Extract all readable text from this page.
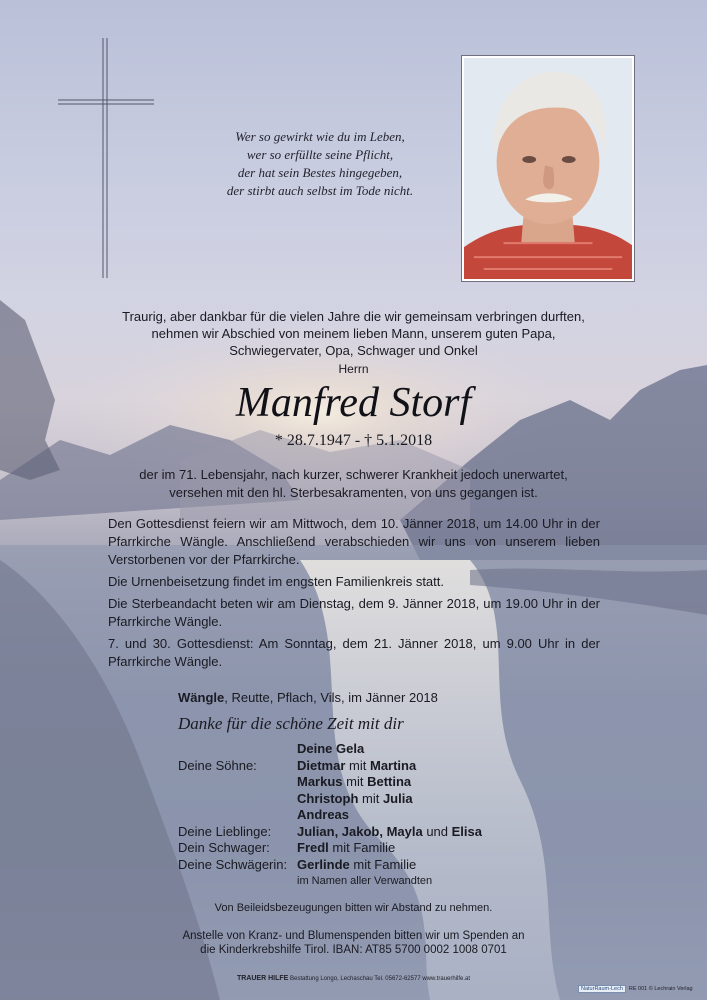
Wer so gewirkt wie du im Leben,
wer so erfüllte seine Pflicht,
der hat sein Bestes hingegeben,
der stirbt auch selbst im Tode nicht.
Traurig, aber dankbar für die vielen Jahre die wir gemeinsam verbringen durften,
nehmen wir Abschied von meinem lieben Mann, unserem guten Papa,
Schwiegervater, Opa, Schwager und Onkel
Herrn
Manfred Storf
* 28.7.1947 - † 5.1.2018
der im 71. Lebensjahr, nach kurzer, schwerer Krankheit jedoch unerwartet,
versehen mit den hl. Sterbesakramenten, von uns gegangen ist.

Den Gottesdienst feiern wir am Mittwoch, dem 10. Jänner 2018, um 14.00 Uhr in der Pfarrkirche Wängle. Anschließend verabschieden wir uns von unserem lieben Verstorbenen vor der Pfarrkirche.

Die Urnenbeisetzung findet im engsten Familienkreis statt.

Die Sterbeandacht beten wir am Dienstag, dem 9. Jänner 2018, um 19.00 Uhr in der Pfarrkirche Wängle.

7. und 30. Gottesdienst: Am Sonntag, dem 21. Jänner 2018, um 9.00 Uhr in der Pfarrkirche Wängle.

Wängle, Reutte, Pflach, Vils, im Jänner 2018
Danke für die schöne Zeit mit dir
Deine Gela
Deine Söhne:	Dietmar mit Martina
Markus mit Bettina
Christoph mit Julia
Andreas
Deine Lieblinge:	Julian, Jakob, Mayla und Elisa
Dein Schwager:	Fredl mit Familie
Deine Schwägerin: Gerlinde mit Familie
im Namen aller Verwandten
Von Beileidsbezeugungen bitten wir Abstand zu nehmen.
Anstelle von Kranz- und Blumenspenden bitten wir um Spenden an
die Kinderkrebshilfe Tirol. IBAN: AT85 5700 0002 1008 0701
TRAUER HILFE Bestattung Longo, Lechaschau Tel. 05672-62577 www.trauerhilfe.at
NaturRaum-Lech RE 001 © Lechrain Verlag
